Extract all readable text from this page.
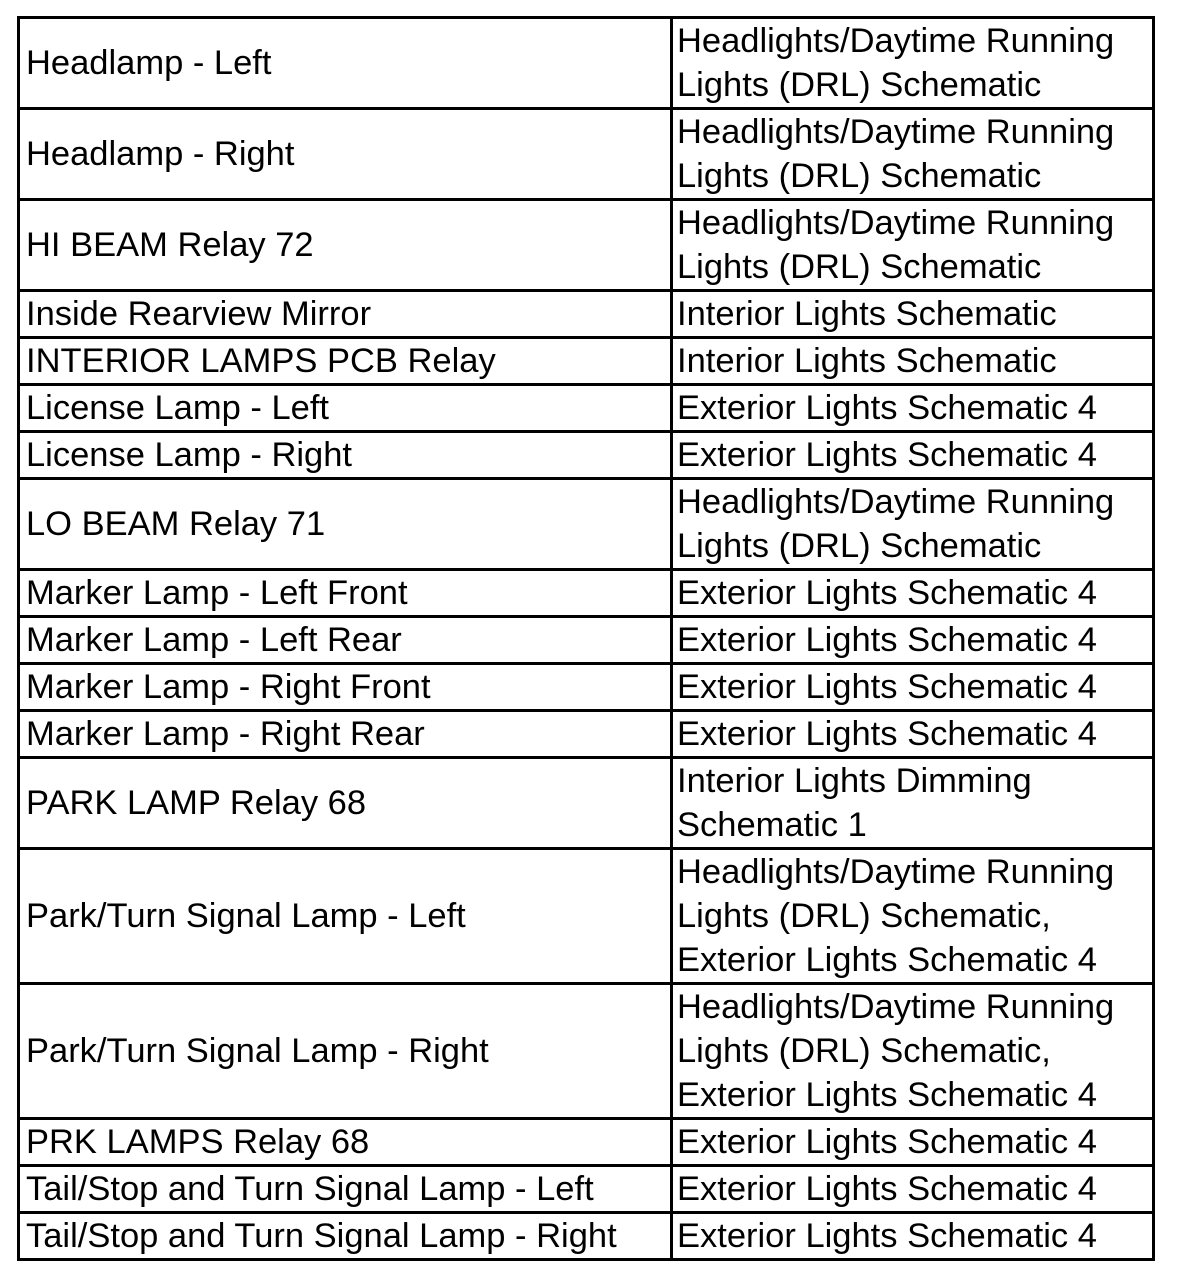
Headlamp - Left	Headlights/Daytime Running
Lights (DRL) Schematic
Headlamp - Right	Headlights/Daytime Running
Lights (DRL) Schematic
HI BEAM Relay 72	Headlights/Daytime Running
Lights (DRL) Schematic
Inside Rearview Mirror	Interior Lights Schematic
INTERIOR LAMPS PCB Relay	Interior Lights Schematic
License Lamp - Left	Exterior Lights Schematic 4
License Lamp - Right	Exterior Lights Schematic 4
LO BEAM Relay 71	Headlights/Daytime Running
Lights (DRL) Schematic
Marker Lamp - Left Front	Exterior Lights Schematic 4
Marker Lamp - Left Rear	Exterior Lights Schematic 4
Marker Lamp - Right Front	Exterior Lights Schematic 4
Marker Lamp - Right Rear	Exterior Lights Schematic 4
PARK LAMP Relay 68	Interior Lights Dimming
Schematic 1
Park/Turn Signal Lamp - Left	Headlights/Daytime Running
Lights (DRL) Schematic,
Exterior Lights Schematic 4
Park/Turn Signal Lamp - Right	Headlights/Daytime Running
Lights (DRL) Schematic,
Exterior Lights Schematic 4
PRK LAMPS Relay 68	Exterior Lights Schematic 4
Tail/Stop and Turn Signal Lamp - Left	Exterior Lights Schematic 4
Tail/Stop and Turn Signal Lamp - Right	Exterior Lights Schematic 4
